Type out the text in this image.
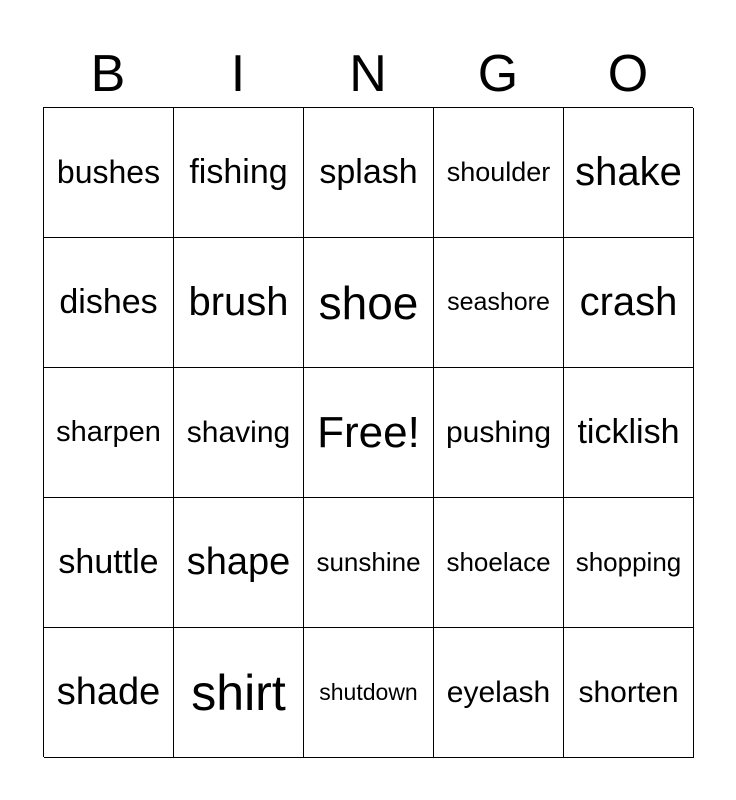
B	I	N	G	O
bushes fishing splash shoulder shake
dishes brush shoe seashore crash
sharpen shaving Free! pushing ticklish
shuttle shape sunshine shoelace shopping
shade shirt shutdown eyelash shorten
